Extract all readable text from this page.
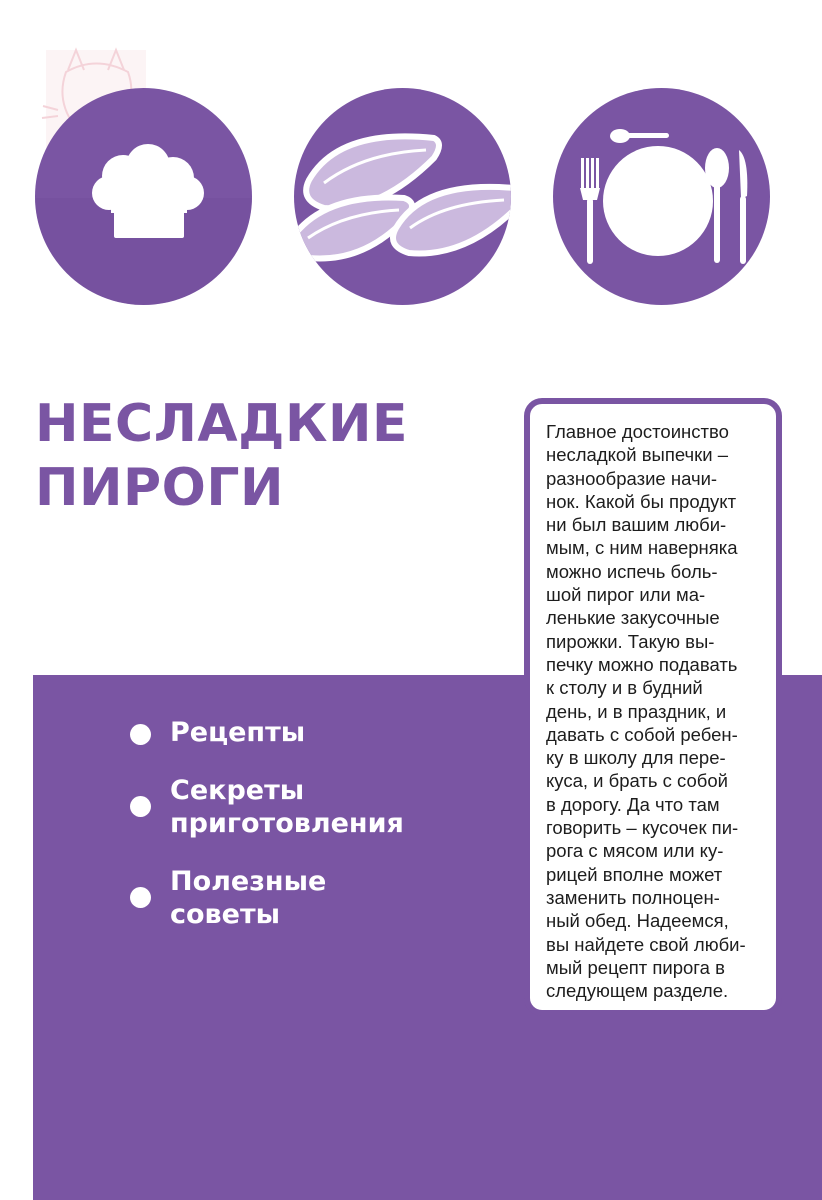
НЕСЛАДКИЕ
ПИРОГИ
Рецепты
Секреты
приготовления
Полезные
советы
Главное достоинство
несладкой выпечки –
разнообразие начи-
нок. Какой бы продукт
ни был вашим люби-
мым, с ним наверняка
можно испечь боль-
шой пирог или ма-
ленькие закусочные
пирожки. Такую вы-
печку можно подавать
к столу и в будний
день, и в праздник, и
давать с собой ребен-
ку в школу для пере-
куса, и брать с собой
в дорогу. Да что там
говорить – кусочек пи-
рога с мясом или ку-
рицей вполне может
заменить полноцен-
ный обед. Надеемся,
вы найдете свой люби-
мый рецепт пирога в
следующем разделе.
